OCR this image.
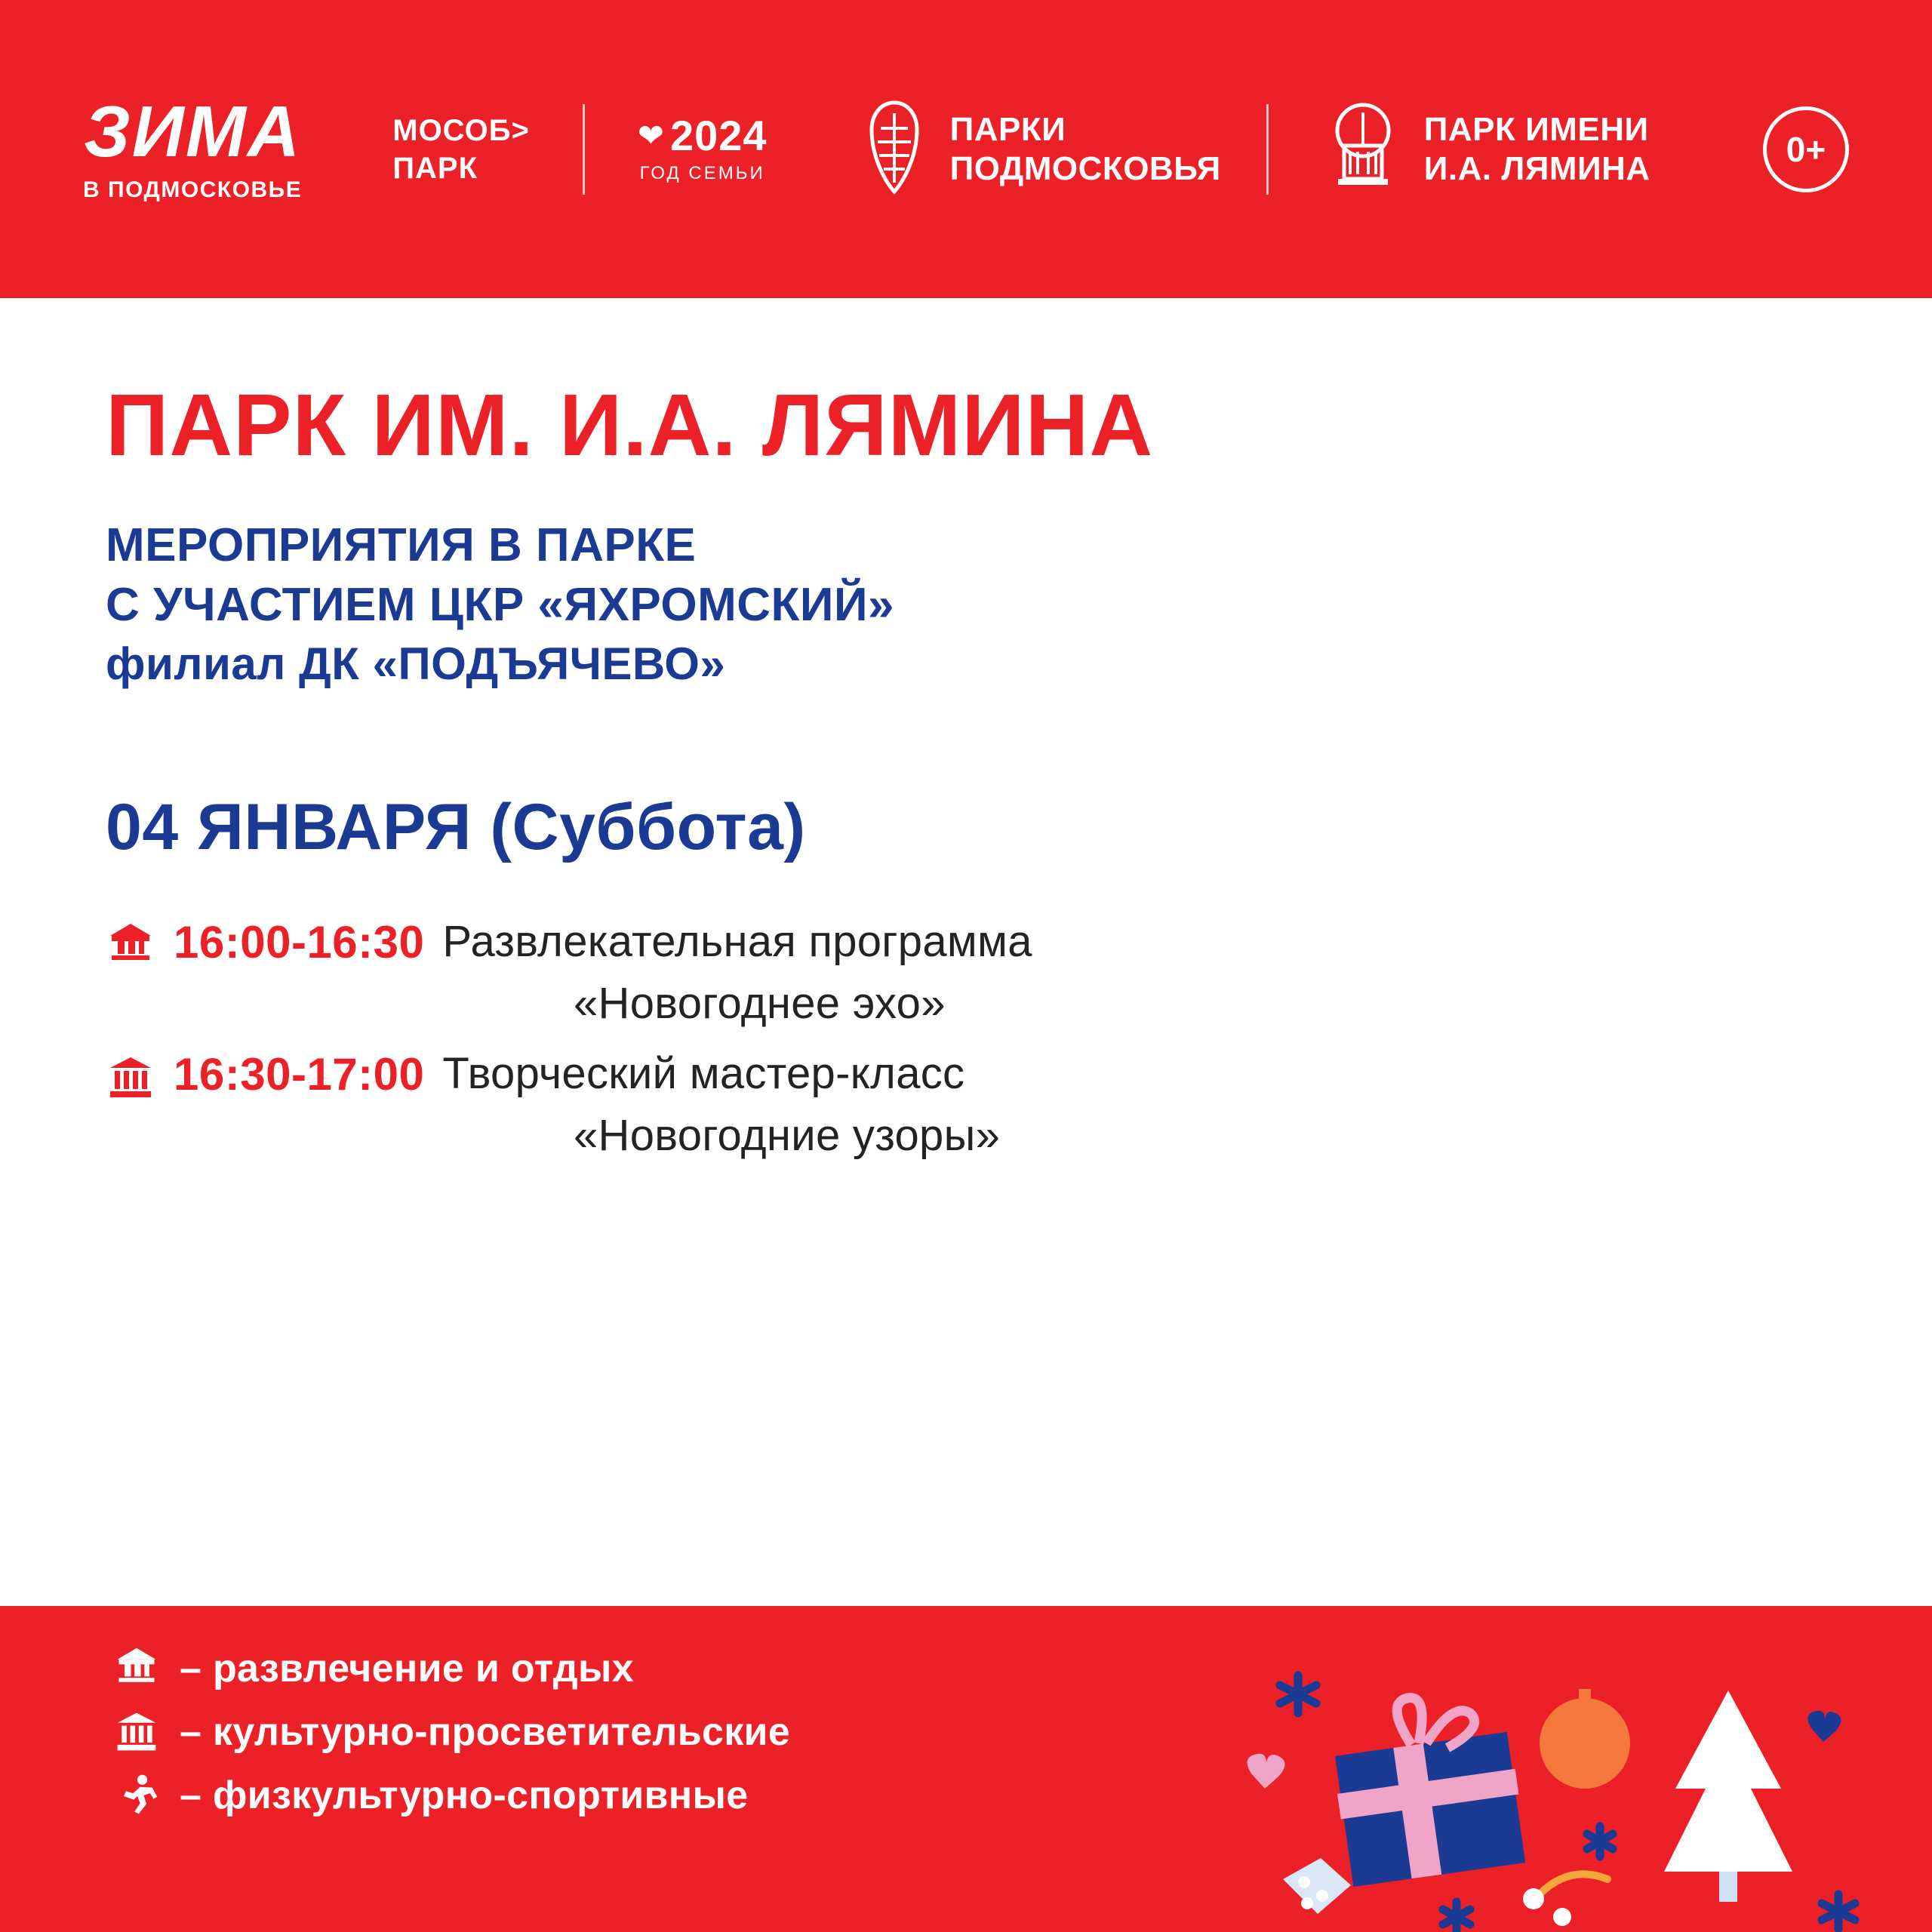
ЗИМА
В ПОДМОСКОВЬЕ
МОСОБ>
ПАРК
❤ 2024
ГОД СЕМЬИ
ПАРКИ
ПОДМОСКОВЬЯ
ПАРК ИМЕНИ
И.А. ЛЯМИНА	0+
ПАРК ИМ. И.А. ЛЯМИНА
МЕРОПРИЯТИЯ В ПАРКЕ
С УЧАСТИЕМ ЦКР «ЯХРОМСКИЙ»
филиал ДК «ПОДЪЯЧЕВО»
04 ЯНВАРЯ (Суббота)
16:00-16:30 Развлекательная программа
«Новогоднее эхо»
16:30-17:00 Творческий мастер-класс
«Новогодние узоры»
– развлечение и отдых
– культурно-просветительские
– физкультурно-спортивные
